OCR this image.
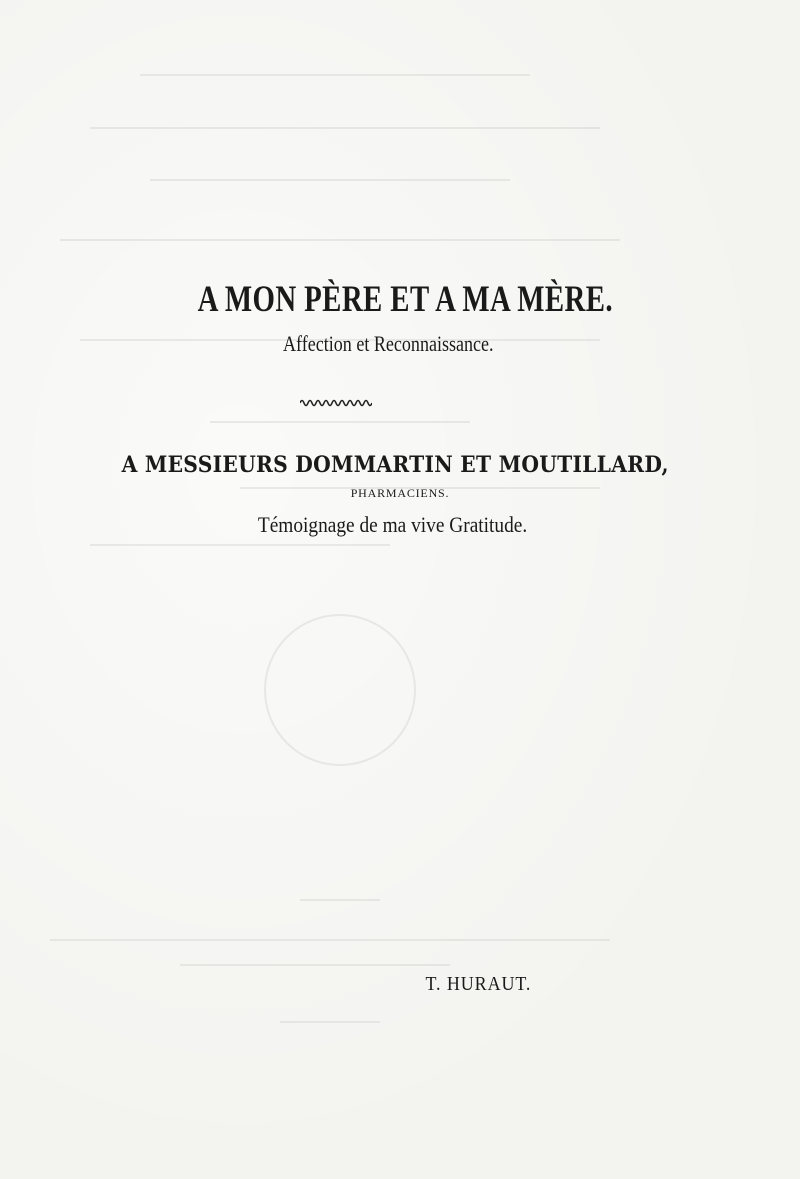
A MON PÈRE ET A MA MÈRE.
Affection et Reconnaissance.
A MESSIEURS DOMMARTIN ET MOUTILLARD,
PHARMACIENS.
Témoignage de ma vive Gratitude.
T. HURAUT.
